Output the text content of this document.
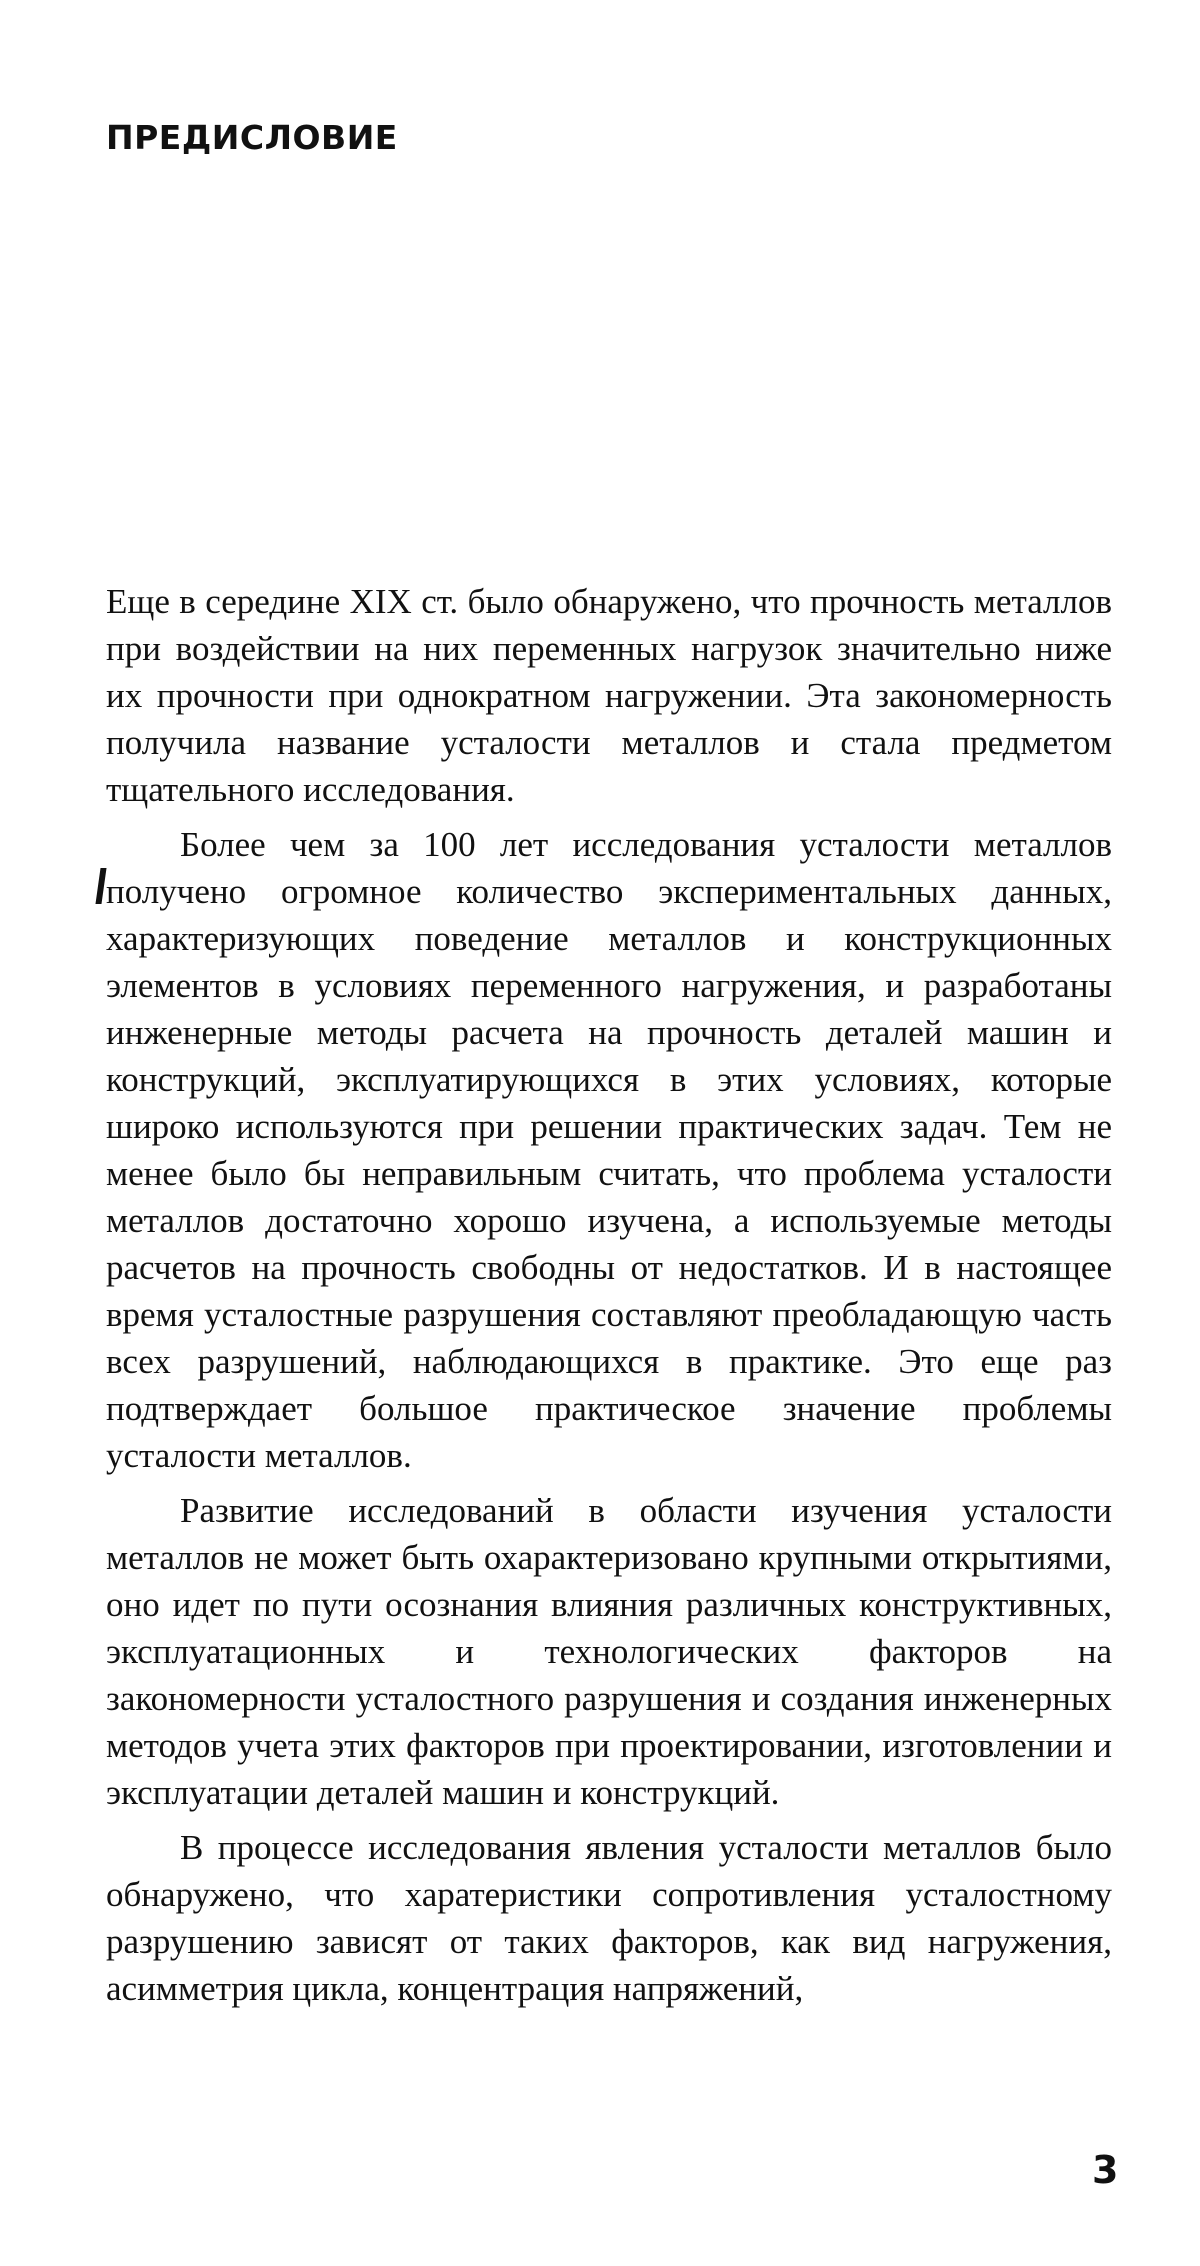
ПРЕДИСЛОВИЕ

Еще в середине XIX ст. было обнаружено, что прочность металлов при воздействии на них переменных нагрузок значительно ниже их прочности при однократном нагружении. Эта закономерность получила название усталости металлов и стала предметом тщательного исследования.

Более чем за 100 лет исследования усталости металлов получено огромное количество экспериментальных данных, характеризующих поведение металлов и конструкционных элементов в условиях переменного нагружения, и разработаны инженерные методы расчета на прочность деталей машин и конструкций, эксплуатирующихся в этих условиях, которые широко используются при решении практических задач. Тем не менее было бы неправильным считать, что проблема усталости металлов достаточно хорошо изучена, а используемые методы расчетов на прочность свободны от недостатков. И в настоящее время усталостные разрушения составляют преобладающую часть всех разрушений, наблюдающихся в практике. Это еще раз подтверждает большое практическое значение проблемы усталости металлов.

Развитие исследований в области изучения усталости металлов не может быть охарактеризовано крупными открытиями, оно идет по пути осознания влияния различных конструктивных, эксплуатационных и технологических факторов на закономерности усталостного разрушения и создания инженерных методов учета этих факторов при проектировании, изготовлении и эксплуатации деталей машин и конструкций.

В процессе исследования явления усталости металлов было обнаружено, что харатеристики сопротивления усталостному разрушению зависят от таких факторов, как вид нагружения, асимметрия цикла, концентрация напряжений,

3
